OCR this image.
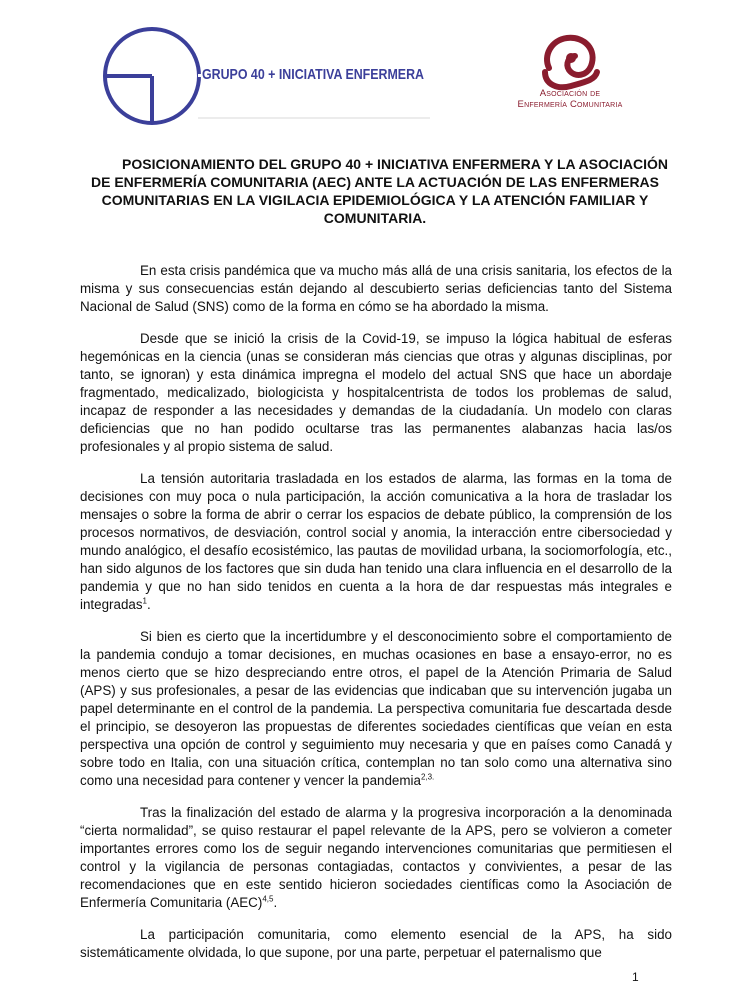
GRUPO 40 + INICIATIVA ENFERMERA
Asociación de
Enfermería Comunitaria
POSICIONAMIENTO DEL GRUPO 40 + INICIATIVA ENFERMERA Y LA ASOCIACIÓN DE ENFERMERÍA COMUNITARIA (AEC) ANTE LA ACTUACIÓN DE LAS ENFERMERAS COMUNITARIAS EN LA VIGILACIA EPIDEMIOLÓGICA Y LA ATENCIÓN FAMILIAR Y COMUNITARIA.

En esta crisis pandémica que va mucho más allá de una crisis sanitaria, los efectos de la misma y sus consecuencias están dejando al descubierto serias deficiencias tanto del Sistema Nacional de Salud (SNS) como de la forma en cómo se ha abordado la misma.

Desde que se inició la crisis de la Covid-19, se impuso la lógica habitual de esferas hegemónicas en la ciencia (unas se consideran más ciencias que otras y algunas disciplinas, por tanto, se ignoran) y esta dinámica impregna el modelo del actual SNS que hace un abordaje fragmentado, medicalizado, biologicista y hospitalcentrista de todos los problemas de salud, incapaz de responder a las necesidades y demandas de la ciudadanía. Un modelo con claras deficiencias que no han podido ocultarse tras las permanentes alabanzas hacia las/os profesionales y al propio sistema de salud.

La tensión autoritaria trasladada en los estados de alarma, las formas en la toma de decisiones con muy poca o nula participación, la acción comunicativa a la hora de trasladar los mensajes o sobre la forma de abrir o cerrar los espacios de debate público, la comprensión de los procesos normativos, de desviación, control social y anomia, la interacción entre cibersociedad y mundo analógico, el desafío ecosistémico, las pautas de movilidad urbana, la sociomorfología, etc., han sido algunos de los factores que sin duda han tenido una clara influencia en el desarrollo de la pandemia y que no han sido tenidos en cuenta a la hora de dar respuestas más integrales e integradas$^1$.

Si bien es cierto que la incertidumbre y el desconocimiento sobre el comportamiento de la pandemia condujo a tomar decisiones, en muchas ocasiones en base a ensayo-error, no es menos cierto que se hizo despreciando entre otros, el papel de la Atención Primaria de Salud (APS) y sus profesionales, a pesar de las evidencias que indicaban que su intervención jugaba un papel determinante en el control de la pandemia. La perspectiva comunitaria fue descartada desde el principio, se desoyeron las propuestas de diferentes sociedades científicas que veían en esta perspectiva una opción de control y seguimiento muy necesaria y que en países como Canadá y sobre todo en Italia, con una situación crítica, contemplan no tan solo como una alternativa sino como una necesidad para contener y vencer la pandemia$^{2,3.}$

Tras la finalización del estado de alarma y la progresiva incorporación a la denominada “cierta normalidad”, se quiso restaurar el papel relevante de la APS, pero se volvieron a cometer importantes errores como los de seguir negando intervenciones comunitarias que permitiesen el control y la vigilancia de personas contagiadas, contactos y convivientes, a pesar de las recomendaciones que en este sentido hicieron sociedades científicas como la Asociación de Enfermería Comunitaria (AEC)$^{4,5}$.

La participación comunitaria, como elemento esencial de la APS, ha sido sistemáticamente olvidada, lo que supone, por una parte, perpetuar el paternalismo que

1
